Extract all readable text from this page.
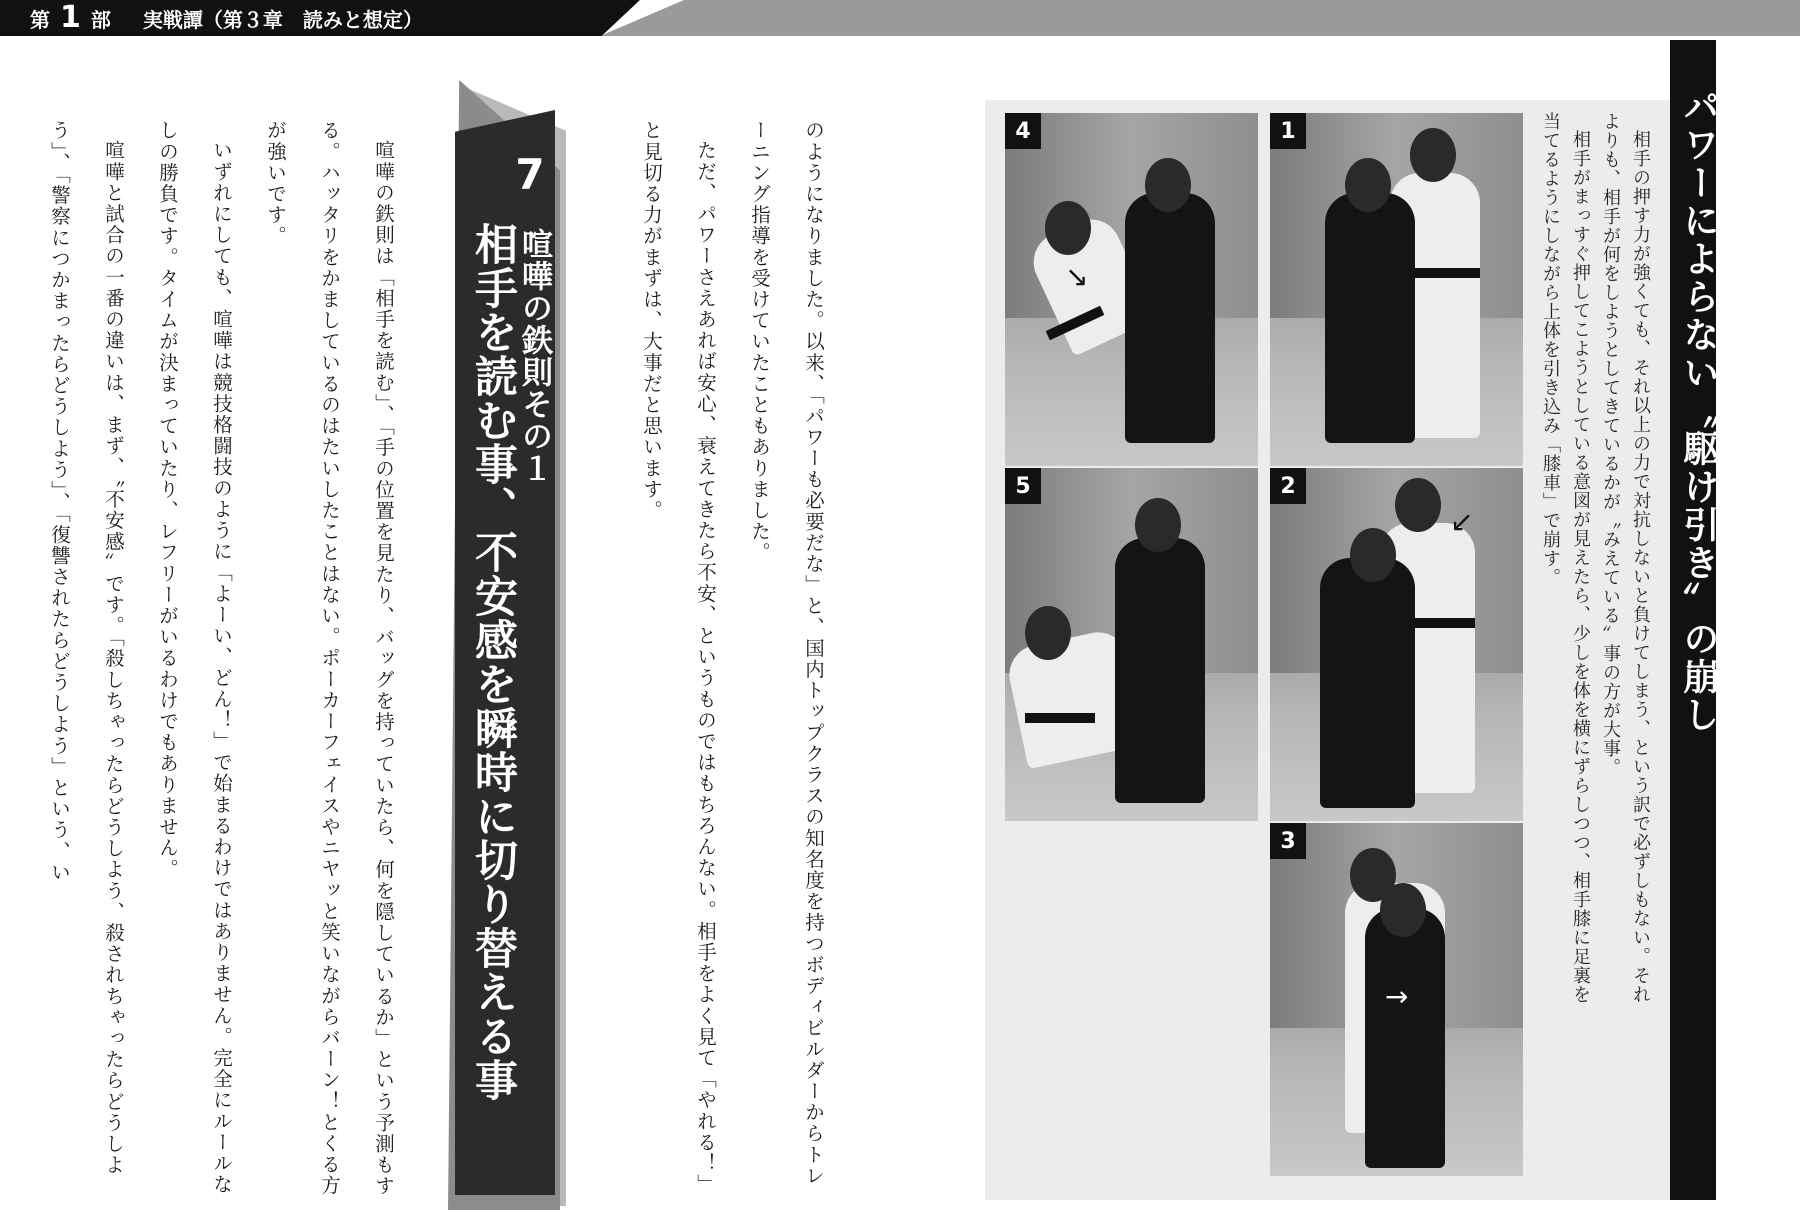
第 1 部 実戦譚（第３章　読みと想定）

のようになりました。以来、「パワーも必要だな」と、国内トップクラスの知名度を持つボディビルダーからトレーニング指導を受けていたこともありました。

ただ、パワーさえあれば安心、衰えてきたら不安、というものではもちろんない。相手をよく見て「やれる！」と見切る力がまずは、大事だと思います。

7
喧嘩の鉄則その１
相手を読む事、不安感を瞬時に切り替える事

喧嘩の鉄則は「相手を読む」、「手の位置を見たり、バッグを持っていたら、何を隠しているか」という予測もする。ハッタリをかましているのはたいしたことはない。ポーカーフェイスやニヤッと笑いながらバーン！とくる方が強いです。

いずれにしても、喧嘩は競技格闘技のように「よーい、どん！」で始まるわけではありません。完全にルールなしの勝負です。タイムが決まっていたり、レフリーがいるわけでもありません。

喧嘩と試合の一番の違いは、まず、〝不安感〟です。「殺しちゃったらどうしよう、殺されちゃったらどうしよう」、「警察につかまったらどうしよう」、「復讐されたらどうしよう」という、い	↘
4	1
5
↙
2
→
3	相手の押す力が強くても、それ以上の力で対抗しないと負けてしまう、という訳で必ずしもない。それよりも、相手が何をしようとしてきているかが〝みえている〟事の方が大事。

相手がまっすぐ押してこようとしている意図が見えたら、少しを体を横にずらしつつ、相手膝に足裏を当てるようにしながら上体を引き込み「膝車」で崩す。	パワーによらない〝駆け引き〟の崩し
